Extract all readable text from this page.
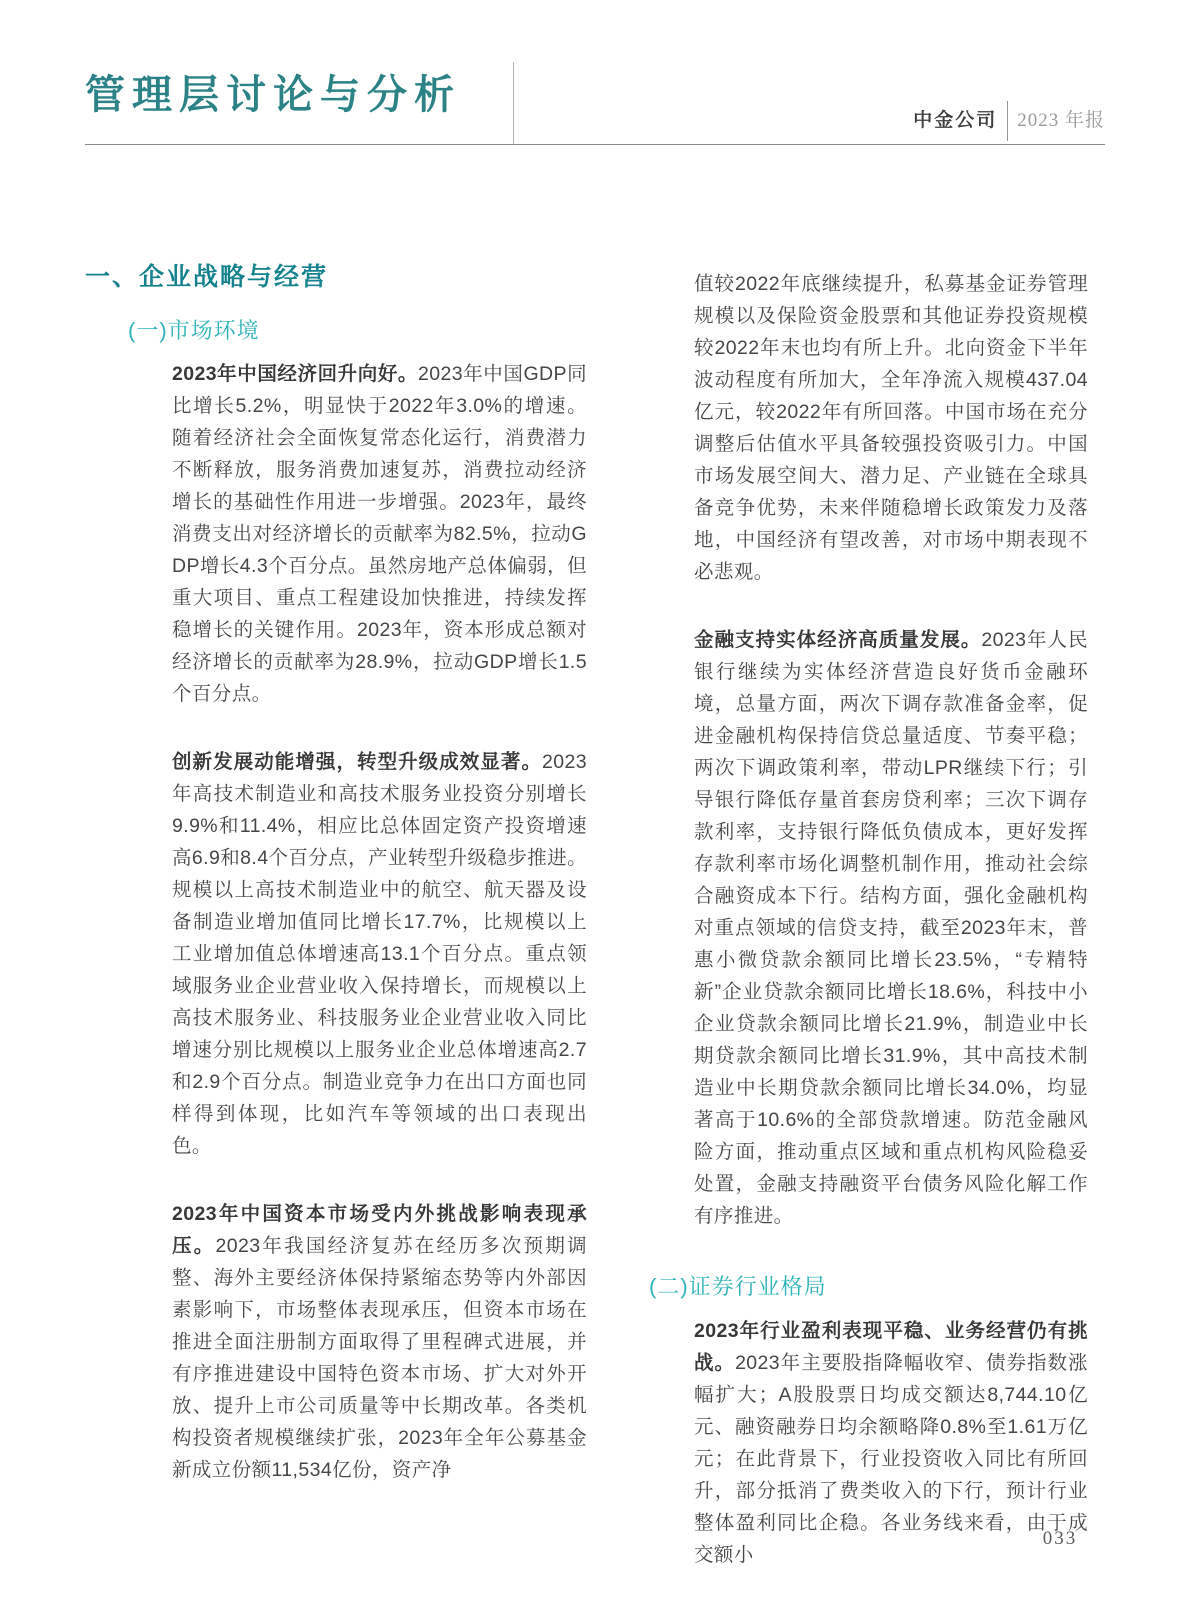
管理层讨论与分析
中金公司 2023 年报
一、企业战略与经营
(一)市场环境

2023年中国经济回升向好。2023年中国GDP同比增长5.2%，明显快于2022年3.0%的增速。随着经济社会全面恢复常态化运行，消费潜力不断释放，服务消费加速复苏，消费拉动经济增长的基础性作用进一步增强。2023年，最终消费支出对经济增长的贡献率为82.5%，拉动GDP增长4.3个百分点。虽然房地产总体偏弱，但重大项目、重点工程建设加快推进，持续发挥稳增长的关键作用。2023年，资本形成总额对经济增长的贡献率为28.9%，拉动GDP增长1.5个百分点。

创新发展动能增强，转型升级成效显著。2023年高技术制造业和高技术服务业投资分别增长9.9%和11.4%，相应比总体固定资产投资增速高6.9和8.4个百分点，产业转型升级稳步推进。规模以上高技术制造业中的航空、航天器及设备制造业增加值同比增长17.7%，比规模以上工业增加值总体增速高13.1个百分点。重点领域服务业企业营业收入保持增长，而规模以上高技术服务业、科技服务业企业营业收入同比增速分别比规模以上服务业企业总体增速高2.7和2.9个百分点。制造业竞争力在出口方面也同样得到体现，比如汽车等领域的出口表现出色。

2023年中国资本市场受内外挑战影响表现承压。2023年我国经济复苏在经历多次预期调整、海外主要经济体保持紧缩态势等内外部因素影响下，市场整体表现承压，但资本市场在推进全面注册制方面取得了里程碑式进展，并有序推进建设中国特色资本市场、扩大对外开放、提升上市公司质量等中长期改革。各类机构投资者规模继续扩张，2023年全年公募基金新成立份额11,534亿份，资产净

值较2022年底继续提升，私募基金证券管理规模以及保险资金股票和其他证券投资规模较2022年末也均有所上升。北向资金下半年波动程度有所加大，全年净流入规模437.04亿元，较2022年有所回落。中国市场在充分调整后估值水平具备较强投资吸引力。中国市场发展空间大、潜力足、产业链在全球具备竞争优势，未来伴随稳增长政策发力及落地，中国经济有望改善，对市场中期表现不必悲观。

金融支持实体经济高质量发展。2023年人民银行继续为实体经济营造良好货币金融环境，总量方面，两次下调存款准备金率，促进金融机构保持信贷总量适度、节奏平稳；两次下调政策利率，带动LPR继续下行；引导银行降低存量首套房贷利率；三次下调存款利率，支持银行降低负债成本，更好发挥存款利率市场化调整机制作用，推动社会综合融资成本下行。结构方面，强化金融机构对重点领域的信贷支持，截至2023年末，普惠小微贷款余额同比增长23.5%，“专精特新”企业贷款余额同比增长18.6%，科技中小企业贷款余额同比增长21.9%，制造业中长期贷款余额同比增长31.9%，其中高技术制造业中长期贷款余额同比增长34.0%，均显著高于10.6%的全部贷款增速。防范金融风险方面，推动重点区域和重点机构风险稳妥处置，金融支持融资平台债务风险化解工作有序推进。

(二)证券行业格局

2023年行业盈利表现平稳、业务经营仍有挑战。2023年主要股指降幅收窄、债券指数涨幅扩大；A股股票日均成交额达8,744.10亿元、融资融券日均余额略降0.8%至1.61万亿元；在此背景下，行业投资收入同比有所回升，部分抵消了费类收入的下行，预计行业整体盈利同比企稳。各业务线来看，由于成交额小

033
